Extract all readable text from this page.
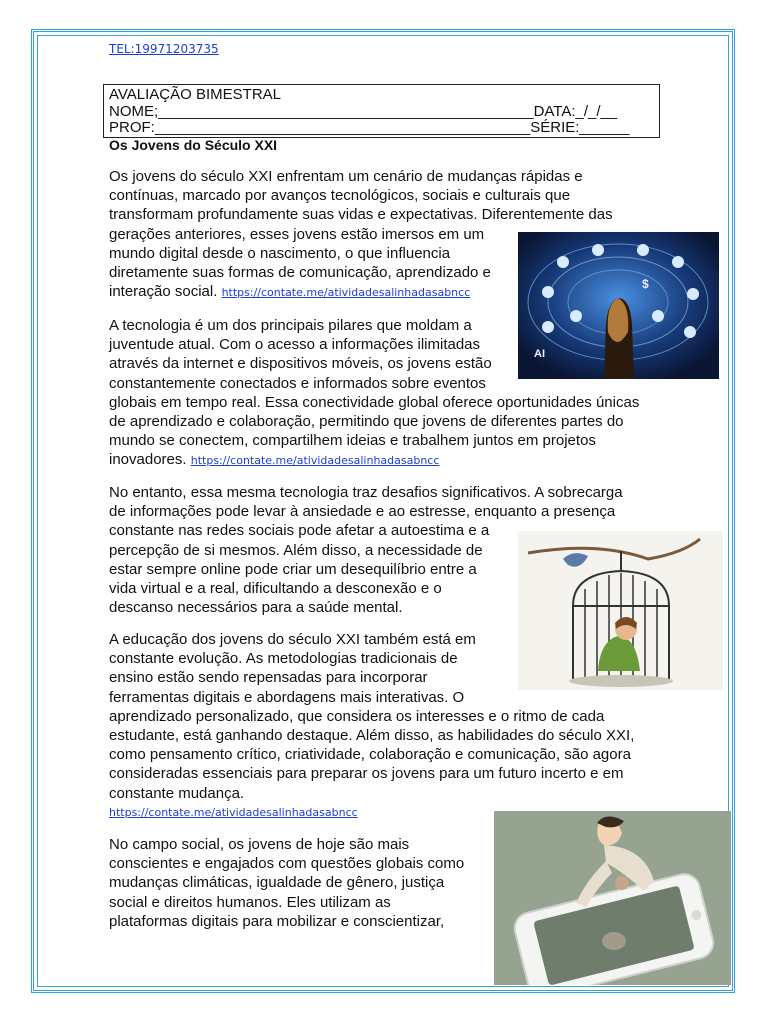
TEL:19971203735
AVALIAÇÃO BIMESTRAL
NOME;_____________________________________________DATA:_/_/__
PROF:_____________________________________________SÉRIE:______
Os Jovens do Século XXI

Os jovens do século XXI enfrentam um cenário de mudanças rápidas e
contínuas, marcado por avanços tecnológicos, sociais e culturais que
transformam profundamente suas vidas e expectativas. Diferentemente das
gerações anteriores, esses jovens estão imersos em um
mundo digital desde o nascimento, o que influencia
diretamente suas formas de comunicação, aprendizado e
interação social. https://contate.me/atividadesalinhadasabncc

A tecnologia é um dos principais pilares que moldam a
juventude atual. Com o acesso a informações ilimitadas
através da internet e dispositivos móveis, os jovens estão
constantemente conectados e informados sobre eventos
globais em tempo real. Essa conectividade global oferece oportunidades únicas
de aprendizado e colaboração, permitindo que jovens de diferentes partes do
mundo se conectem, compartilhem ideias e trabalhem juntos em projetos
inovadores. https://contate.me/atividadesalinhadasabncc

No entanto, essa mesma tecnologia traz desafios significativos. A sobrecarga
de informações pode levar à ansiedade e ao estresse, enquanto a presença
constante nas redes sociais pode afetar a autoestima e a
percepção de si mesmos. Além disso, a necessidade de
estar sempre online pode criar um desequilíbrio entre a
vida virtual e a real, dificultando a desconexão e o
descanso necessários para a saúde mental.

A educação dos jovens do século XXI também está em
constante evolução. As metodologias tradicionais de
ensino estão sendo repensadas para incorporar
ferramentas digitais e abordagens mais interativas. O
aprendizado personalizado, que considera os interesses e o ritmo de cada
estudante, está ganhando destaque. Além disso, as habilidades do século XXI,
como pensamento crítico, criatividade, colaboração e comunicação, são agora
consideradas essenciais para preparar os jovens para um futuro incerto e em
constante mudança.

https://contate.me/atividadesalinhadasabncc

No campo social, os jovens de hoje são mais
conscientes e engajados com questões globais como
mudanças climáticas, igualdade de gênero, justiça
social e direitos humanos. Eles utilizam as
plataformas digitais para mobilizar e conscientizar,

AI
$
